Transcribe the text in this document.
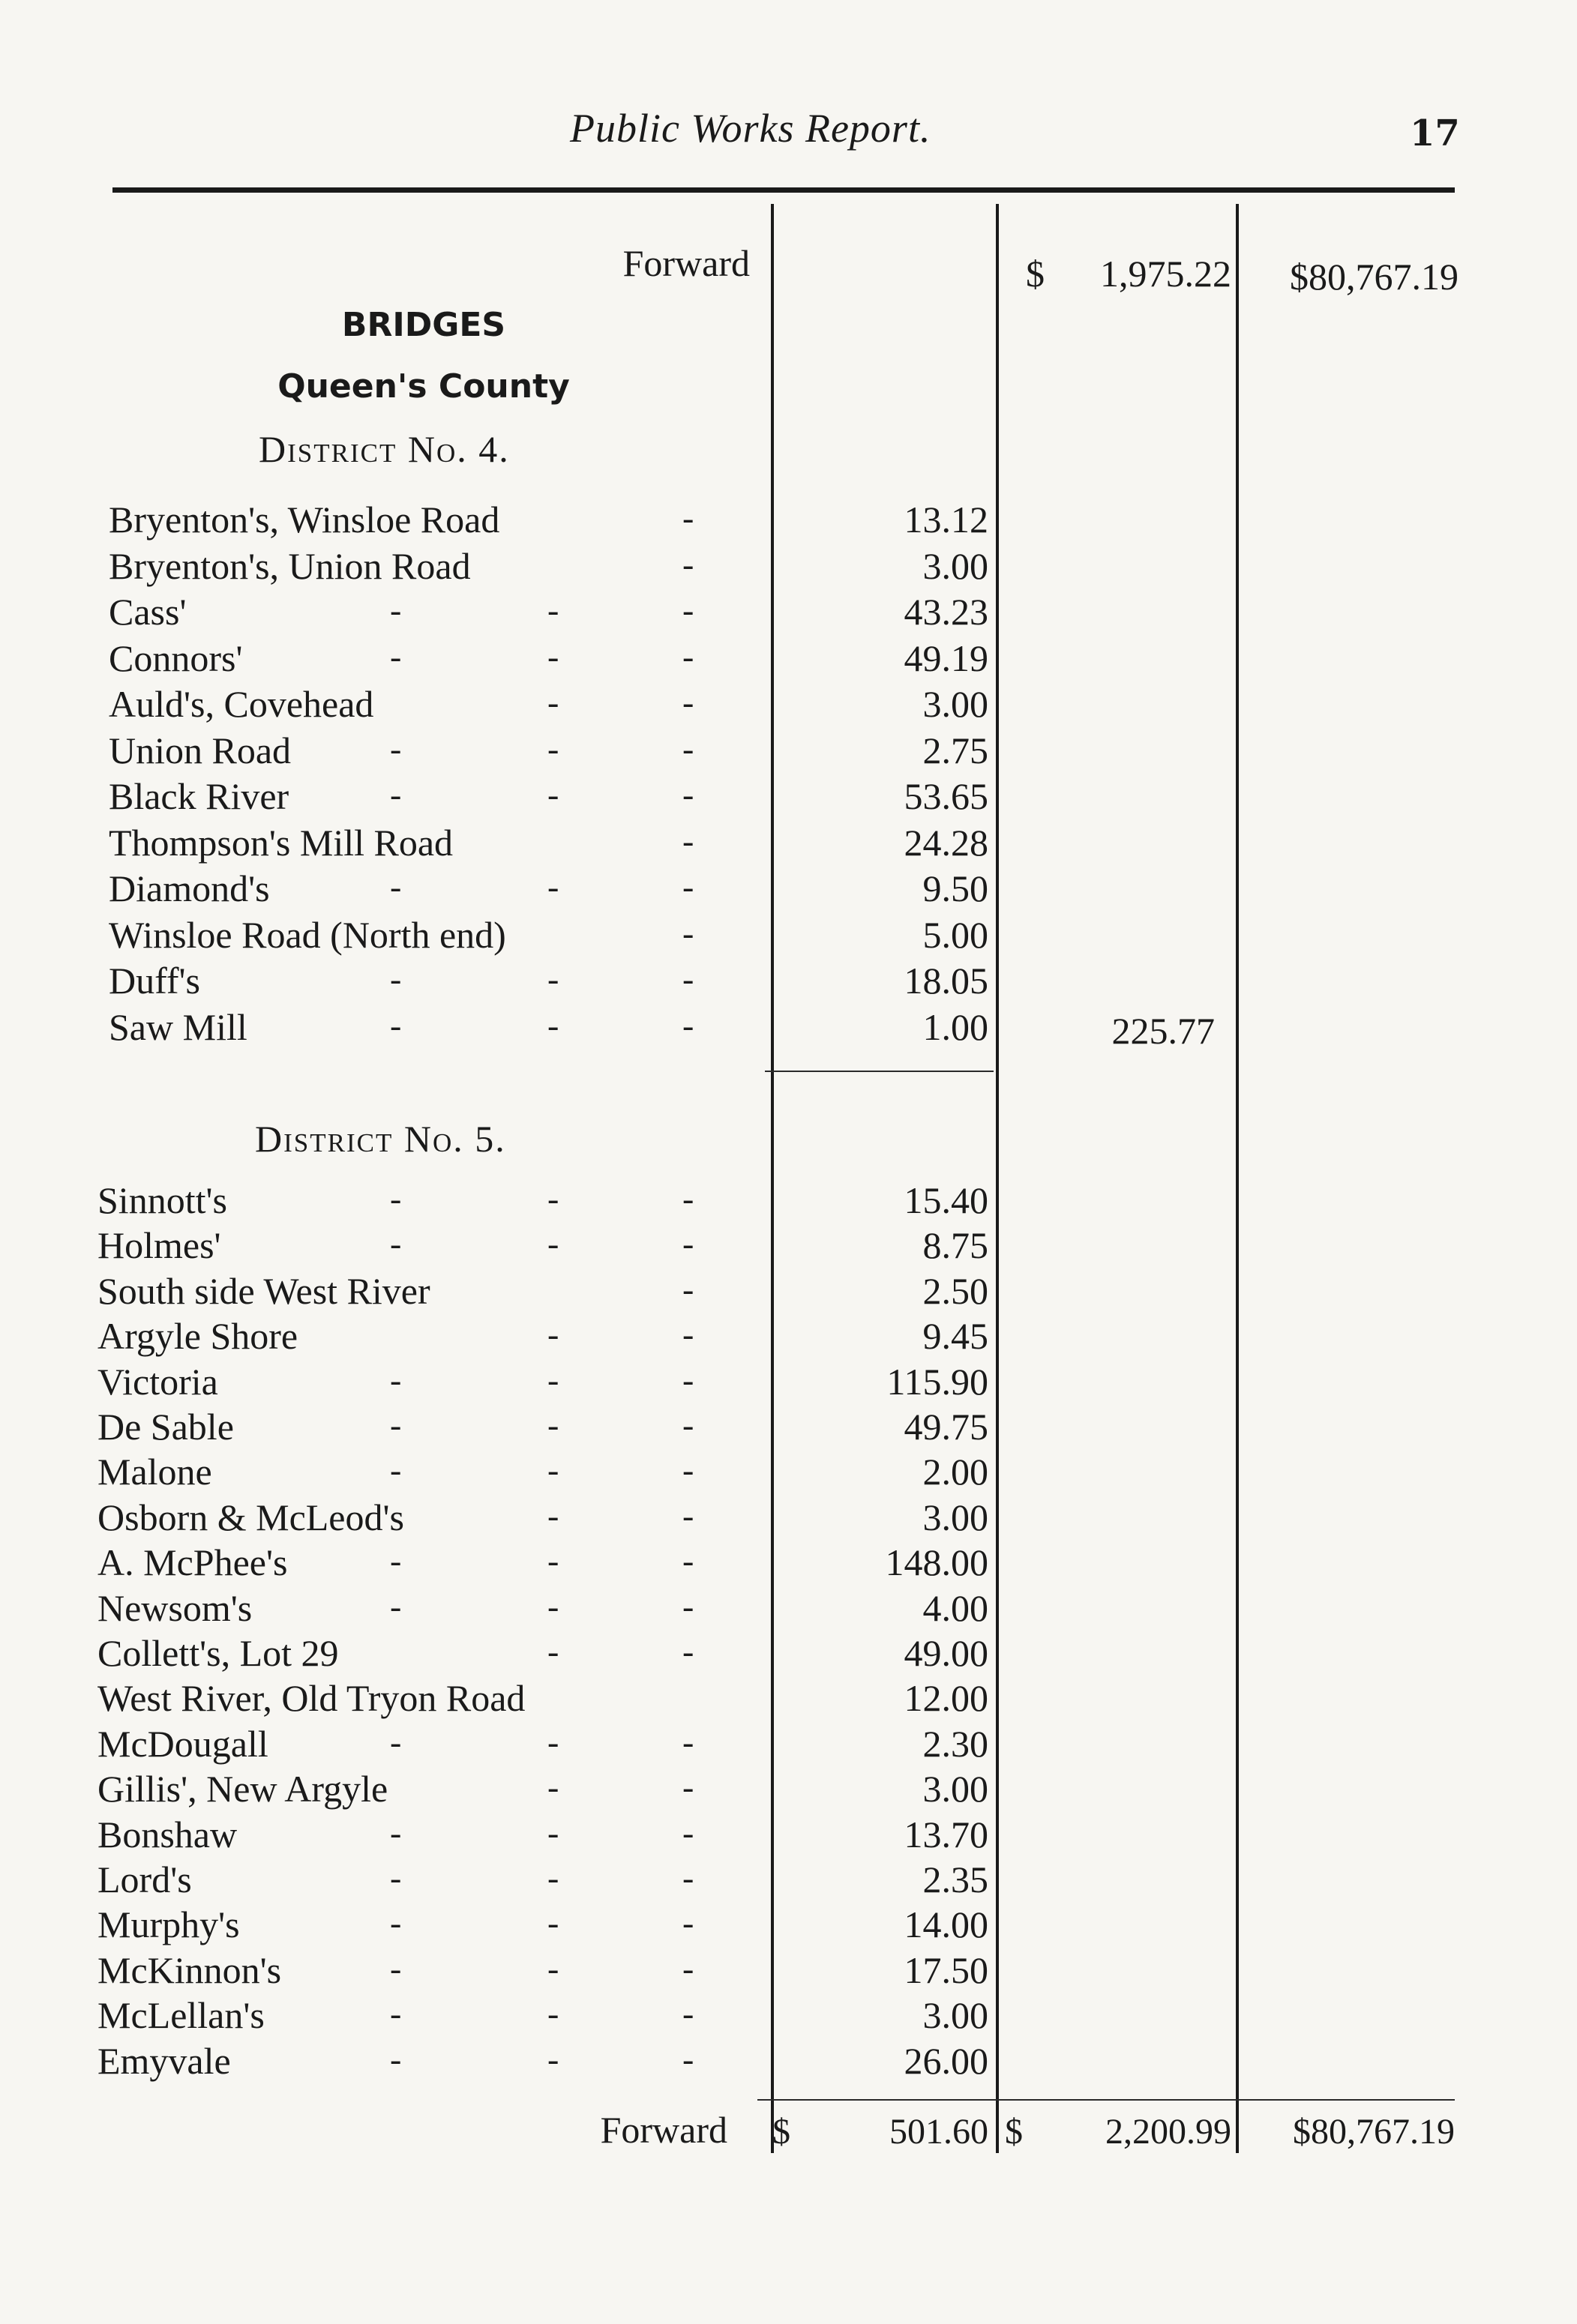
Public Works Report.	17
Forward	$	1,975.22	$80,767.19
BRIDGES
Queen's County
District No. 4.
Bryenton's, Winsloe Road	-	13.12
Bryenton's, Union Road	-	3.00
Cass'	-	-	-	43.23
Connors'	-	-	-	49.19
Auld's, Covehead	-	-	3.00
Union Road	-	-	-	2.75
Black River	-	-	-	53.65
Thompson's Mill Road	-	24.28
Diamond's	-	-	-	9.50
Winsloe Road (North end)	-	5.00
Duff's	-	-	-	18.05
Saw Mill	-	-	-	1.00	225.77
District No. 5.
Sinnott's	-	-	-	15.40
Holmes'	-	-	-	8.75
South side West River	-	2.50
Argyle Shore	-	-	9.45
Victoria	-	-	-	115.90
De Sable	-	-	-	49.75
Malone	-	-	-	2.00
Osborn & McLeod's	-	-	3.00
A. McPhee's	-	-	-	148.00
Newsom's	-	-	-	4.00
Collett's, Lot 29	-	-	49.00
West River, Old Tryon Road	12.00
McDougall	-	-	-	2.30
Gillis', New Argyle	-	-	3.00
Bonshaw	-	-	-	13.70
Lord's	-	-	-	2.35
Murphy's	-	-	-	14.00
McKinnon's	-	-	-	17.50
McLellan's	-	-	-	3.00
Emyvale	-	-	-	26.00
Forward $	501.60 $	2,200.99	$80,767.19
